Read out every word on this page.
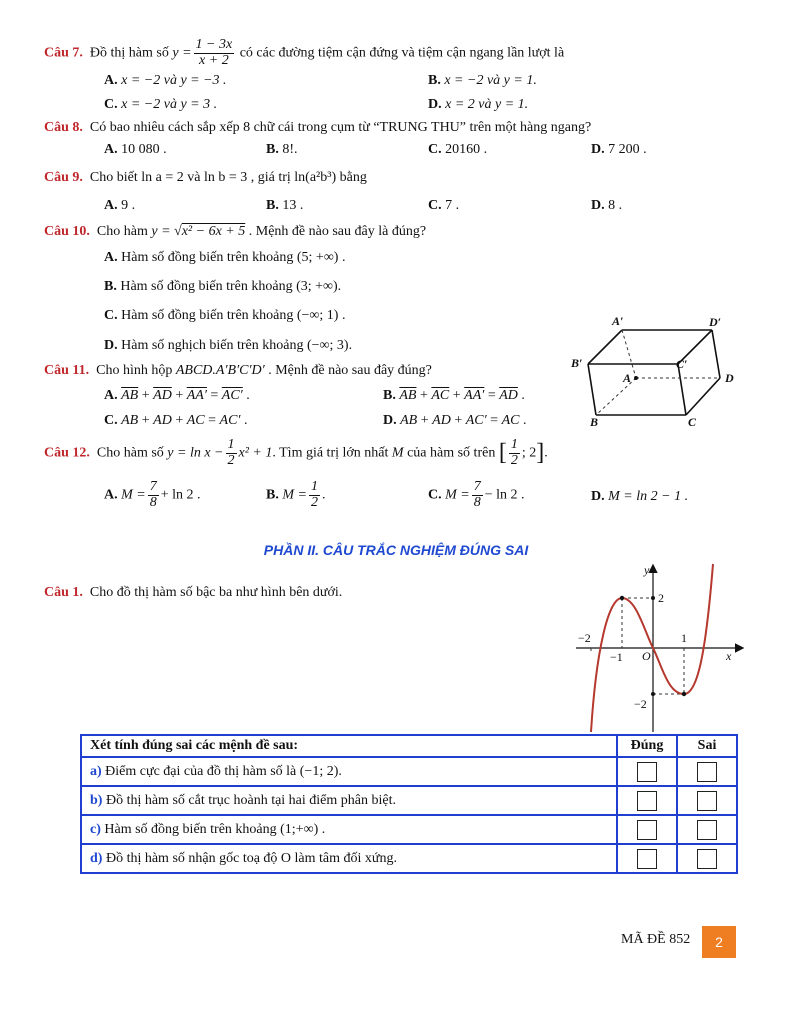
Câu 7. Đồ thị hàm số $y = \frac{1 - 3x}{x + 2}$ có các đường tiệm cận đứng và tiệm cận ngang lần lượt là
A. x = −2 và y = −3 .	B. x = −2 và y = 1.
C. x = −2 và y = 3 .	D. x = 2 và y = 1.
Câu 8. Có bao nhiêu cách sắp xếp 8 chữ cái trong cụm từ “TRUNG THU” trên một hàng ngang?
A. 10 080 .	B. 8!.	C. 20160 .	D. 7 200 .
Câu 9. Cho biết ln a = 2 và ln b = 3 , giá trị ln(a²b³) bằng
A. 9 .	B. 13 .	C. 7 .	D. 8 .
Câu 10. Cho hàm y = √x² − 6x + 5 . Mệnh đề nào sau đây là đúng?
A. Hàm số đồng biến trên khoảng (5; +∞) .
B. Hàm số đồng biến trên khoảng (3; +∞).
C. Hàm số đồng biến trên khoảng (−∞; 1) .
D. Hàm số nghịch biến trên khoảng (−∞; 3).
A′	D′
B′	C′
A	D
B	C
Câu 11. Cho hình hộp ABCD.A′B′C′D′ . Mệnh đề nào sau đây đúng?
A. $\overline{AB} + \overline{AD} + AA' = AC'$ .	B. $\overline{AB} + \overline{AC} + AA' = \overline{AD}$ .
C. AB + AD + AC = AC′ .	D. AB + AD + AC′ = AC .
Câu 12. Cho hàm số $y = \ln x - \frac{1}{2} x^2 + 1$. Tìm giá trị lớn nhất M của hàm số trên [ $\frac{1}{2}$ ; 2].
A. $M = \frac{7}{8} + \ln 2$ .	B. $M = \frac{1}{2}$ .	C. $M = \frac{7}{8} - \ln 2$ .	D. M = ln 2 − 1 .
PHẦN II. CÂU TRẮC NGHIỆM ĐÚNG SAI
Câu 1. Cho đồ thị hàm số bậc ba như hình bên dưới.
y
x
O
2
−2
−1
1
−2
Xét tính đúng sai các mệnh đề sau:	Đúng	Sai
a) Điểm cực đại của đồ thị hàm số là (−1; 2).	

b) Đồ thị hàm số cắt trục hoành tại hai điểm phân biệt.	

c) Hàm số đồng biến trên khoảng (1;+∞) .	

d) Đồ thị hàm số nhận gốc toạ độ O làm tâm đối xứng.	

MÃ ĐỀ 852	2
